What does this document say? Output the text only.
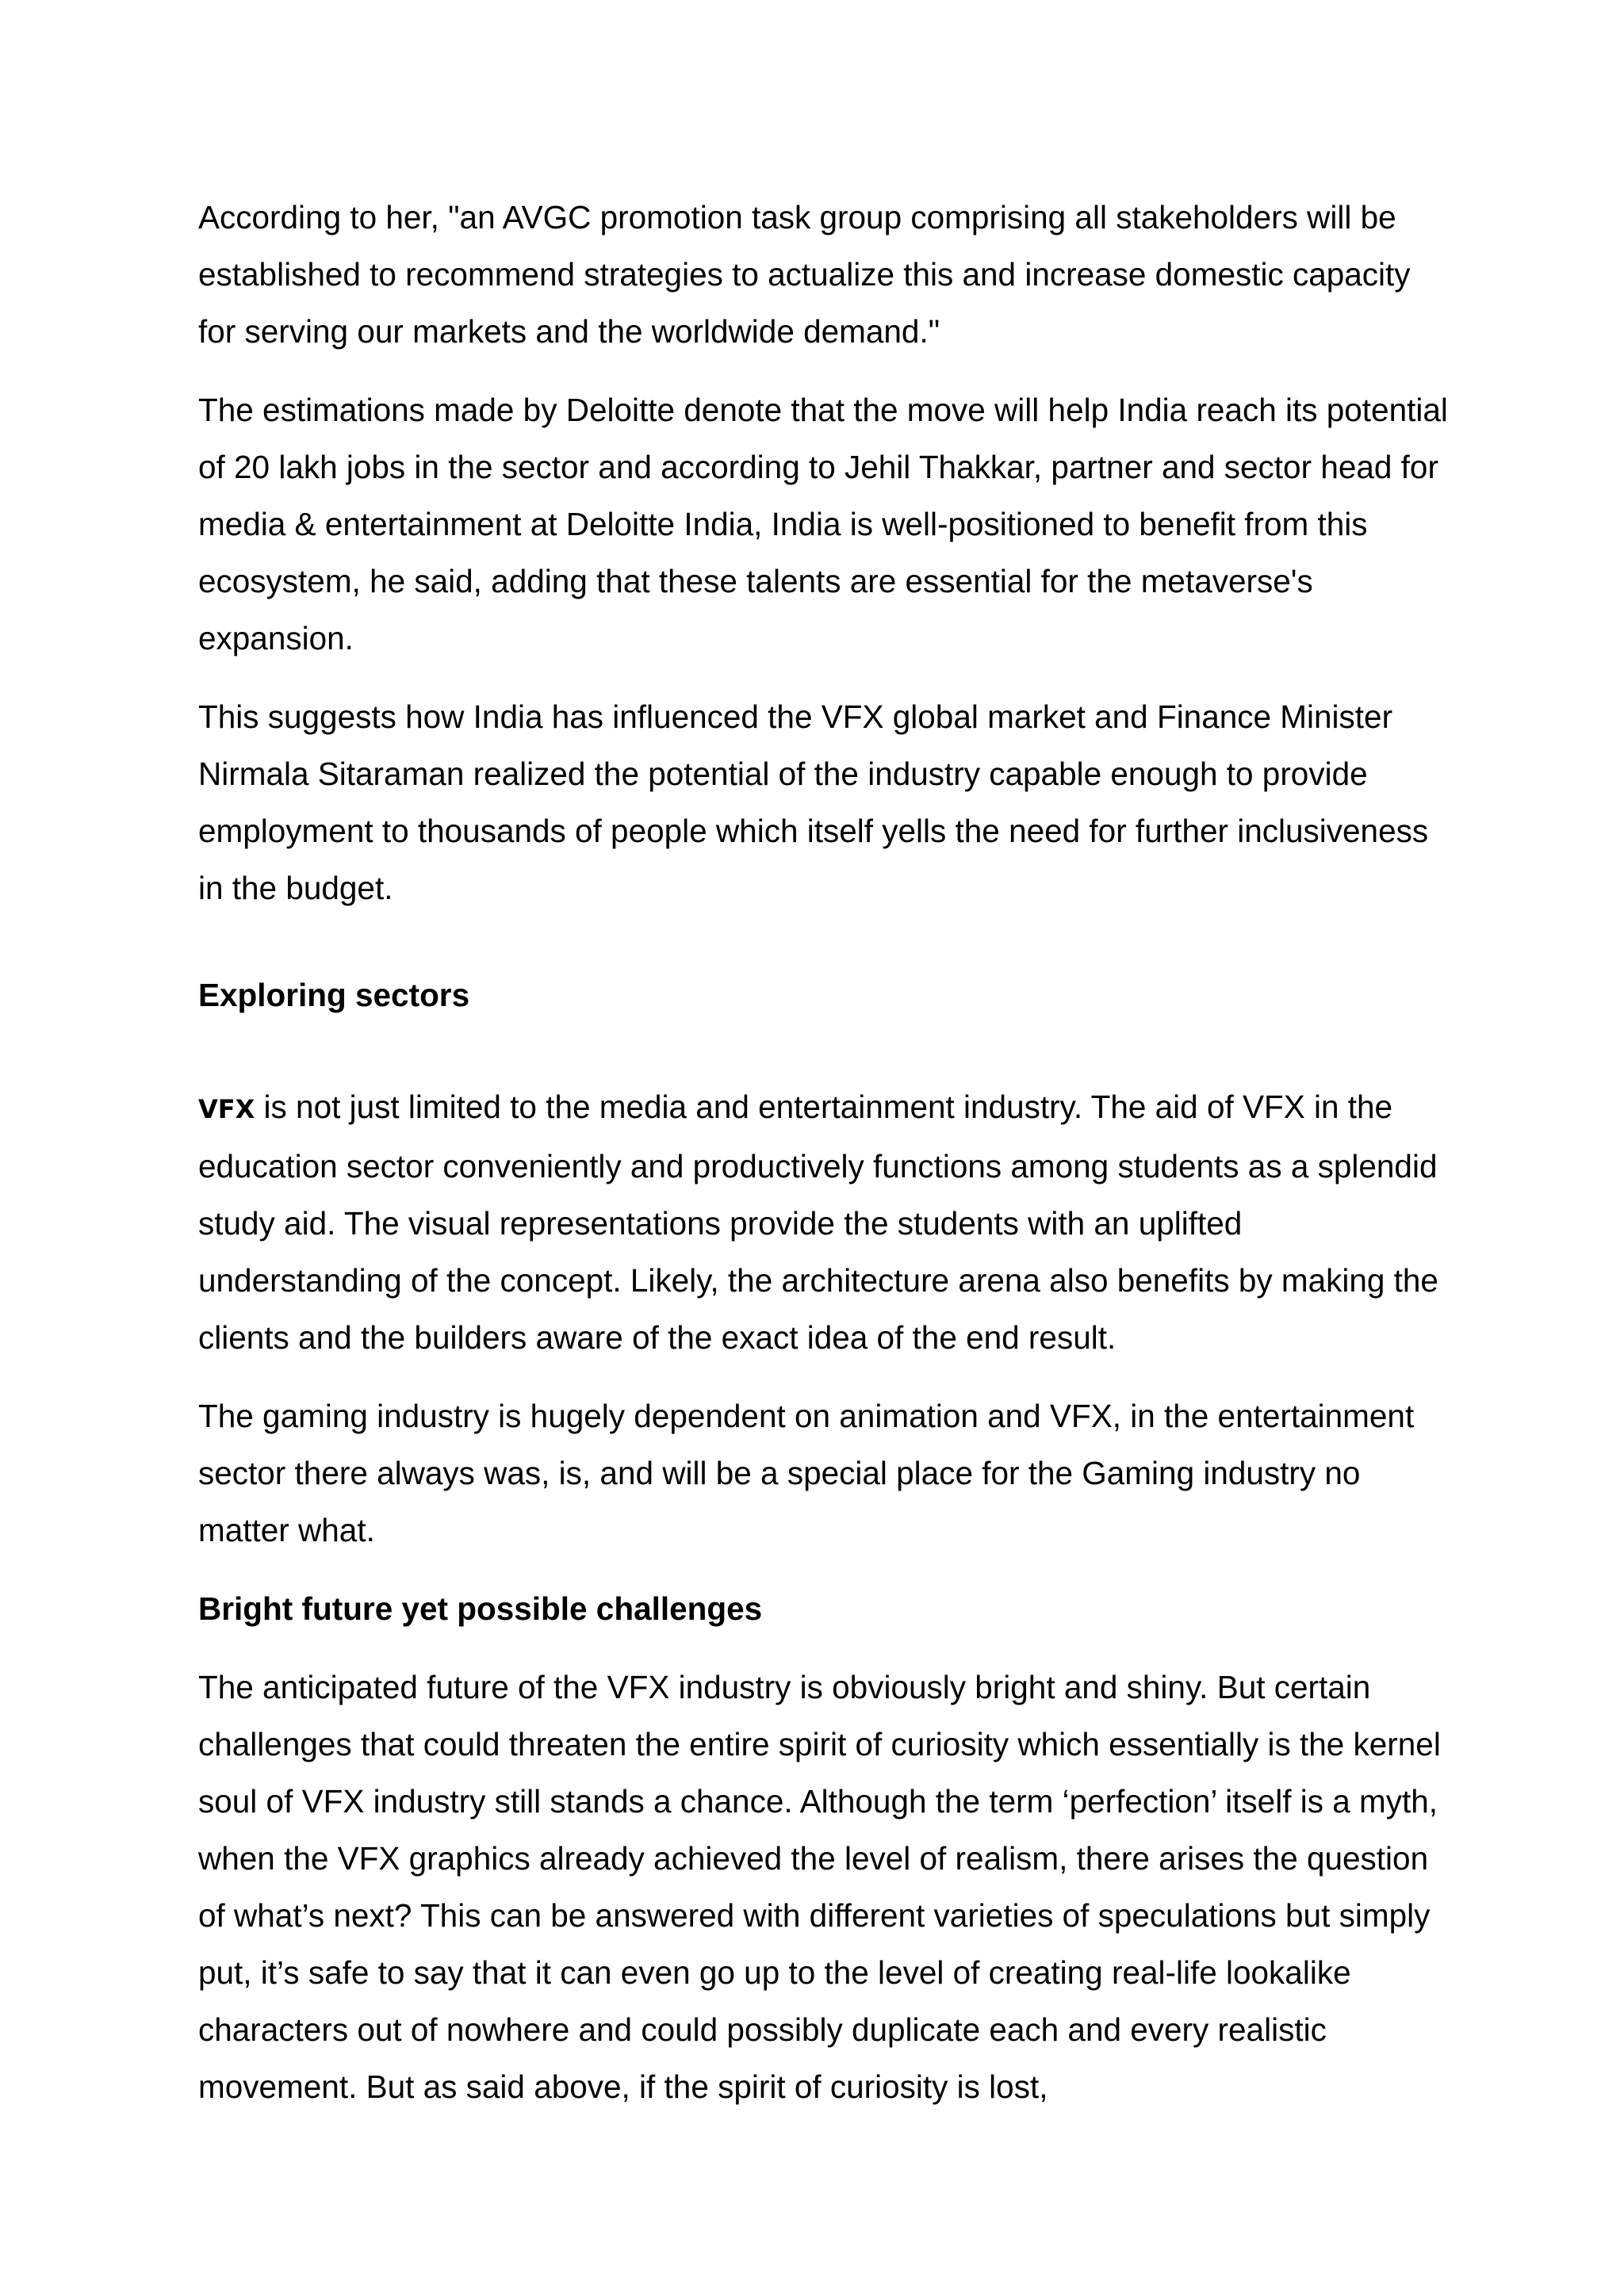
According to her, "an AVGC promotion task group comprising all stakeholders will be established to recommend strategies to actualize this and increase domestic capacity for serving our markets and the worldwide demand."

The estimations made by Deloitte denote that the move will help India reach its potential of 20 lakh jobs in the sector and according to Jehil Thakkar, partner and sector head for media & entertainment at Deloitte India, India is well-positioned to benefit from this ecosystem, he said, adding that these talents are essential for the metaverse's expansion.

This suggests how India has influenced the VFX global market and Finance Minister Nirmala Sitaraman realized the potential of the industry capable enough to provide employment to thousands of people which itself yells the need for further inclusiveness in the budget.

Exploring sectors

VFX is not just limited to the media and entertainment industry. The aid of VFX in the education sector conveniently and productively functions among students as a splendid study aid. The visual representations provide the students with an uplifted understanding of the concept. Likely, the architecture arena also benefits by making the clients and the builders aware of the exact idea of the end result.

The gaming industry is hugely dependent on animation and VFX, in the entertainment sector there always was, is, and will be a special place for the Gaming industry no matter what.

Bright future yet possible challenges

The anticipated future of the VFX industry is obviously bright and shiny. But certain challenges that could threaten the entire spirit of curiosity which essentially is the kernel soul of VFX industry still stands a chance. Although the term ‘perfection’ itself is a myth, when the VFX graphics already achieved the level of realism, there arises the question of what’s next? This can be answered with different varieties of speculations but simply put, it’s safe to say that it can even go up to the level of creating real-life lookalike characters out of nowhere and could possibly duplicate each and every realistic movement. But as said above, if the spirit of curiosity is lost,
